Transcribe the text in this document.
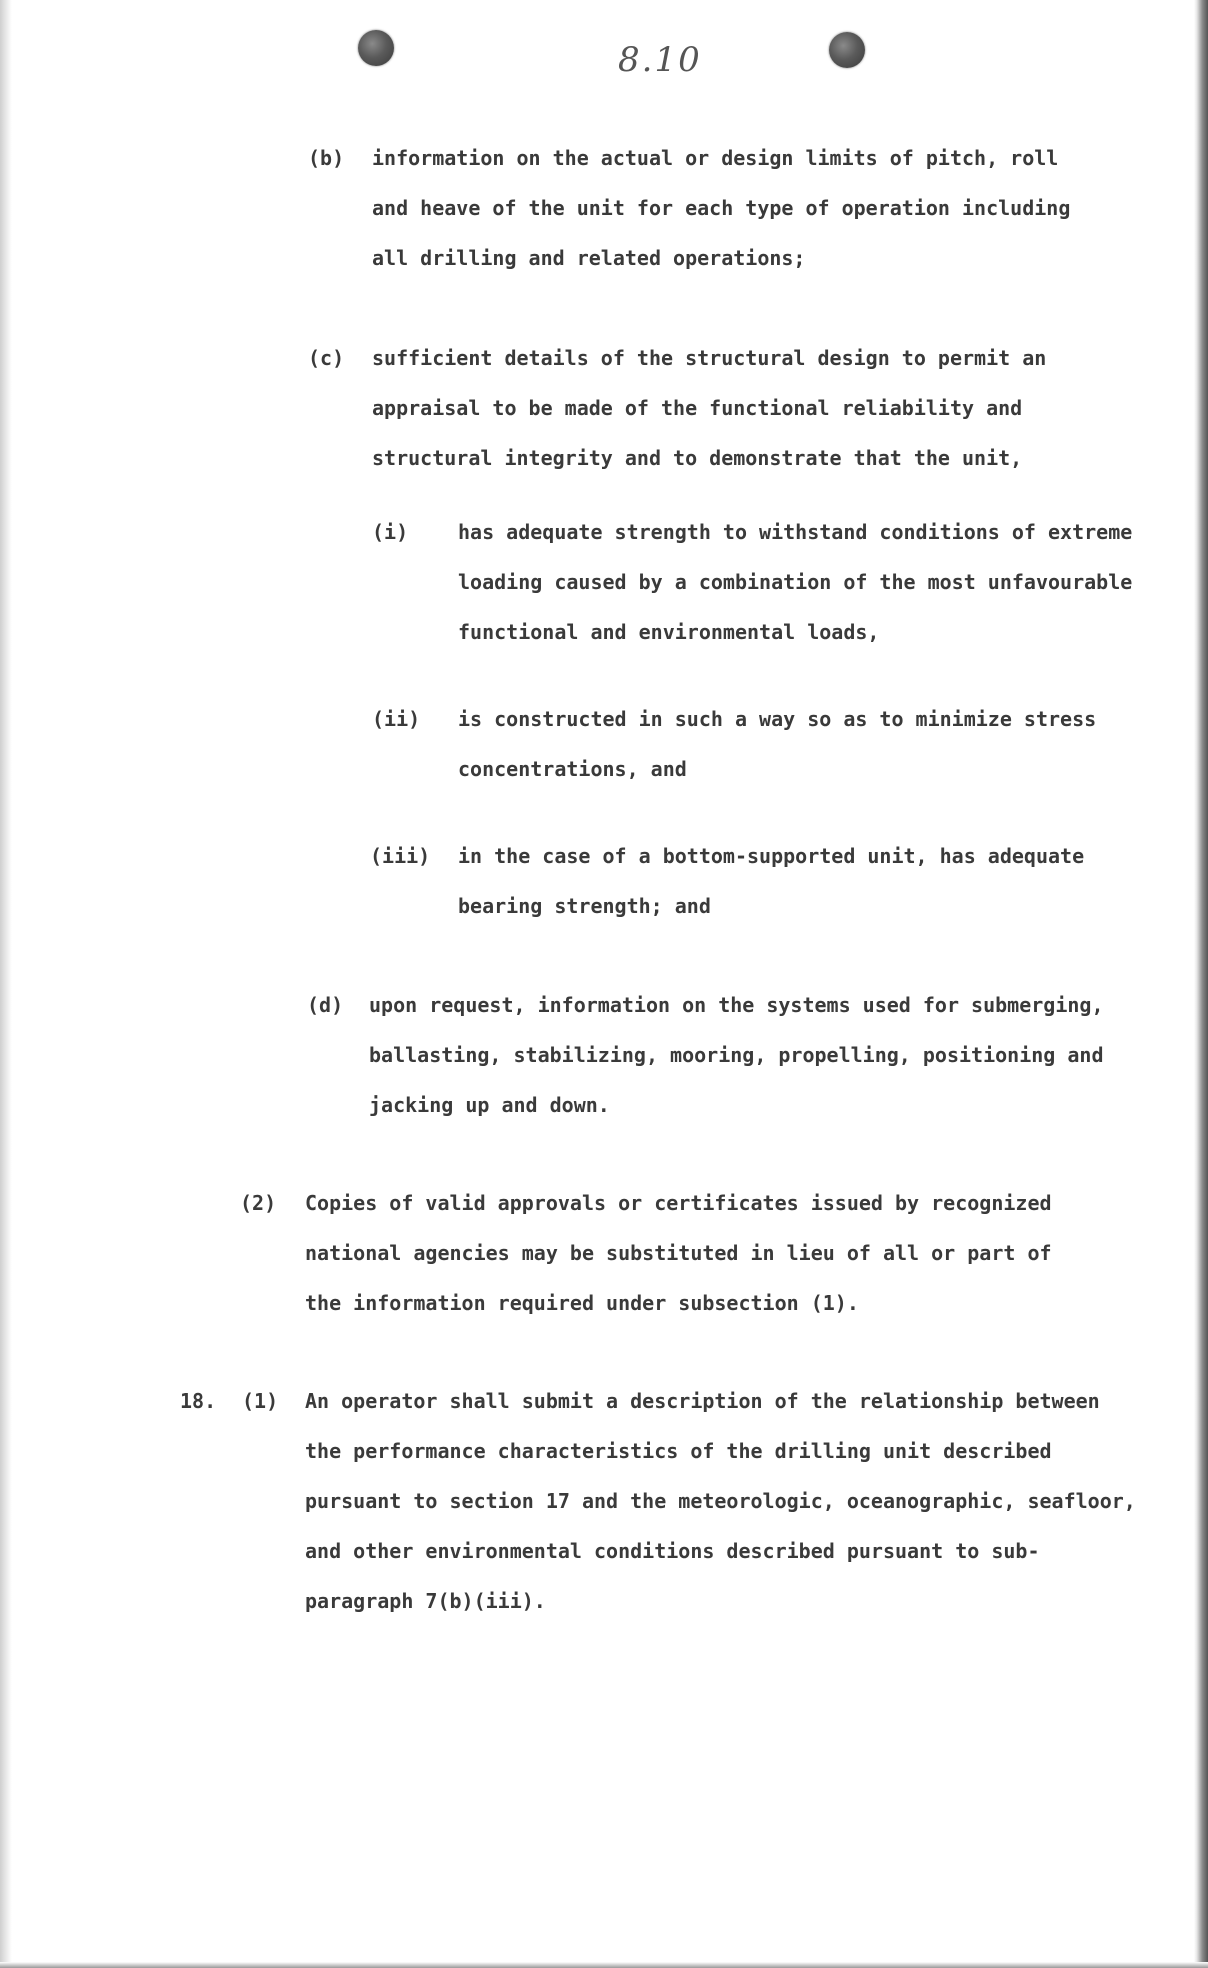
8.10
(b) information on the actual or design limits of pitch, roll
and heave of the unit for each type of operation including
all drilling and related operations;
(c) sufficient details of the structural design to permit an
appraisal to be made of the functional reliability and
structural integrity and to demonstrate that the unit,
(i) has adequate strength to withstand conditions of extreme
loading caused by a combination of the most unfavourable
functional and environmental loads,
(ii) is constructed in such a way so as to minimize stress
concentrations, and
(iii) in the case of a bottom-supported unit, has adequate
bearing strength; and
(d) upon request, information on the systems used for submerging,
ballasting, stabilizing, mooring, propelling, positioning and
jacking up and down.
(2) Copies of valid approvals or certificates issued by recognized
national agencies may be substituted in lieu of all or part of
the information required under subsection (1).
18. (1) An operator shall submit a description of the relationship between
the performance characteristics of the drilling unit described
pursuant to section 17 and the meteorologic, oceanographic, seafloor,
and other environmental conditions described pursuant to sub-
paragraph 7(b)(iii).
